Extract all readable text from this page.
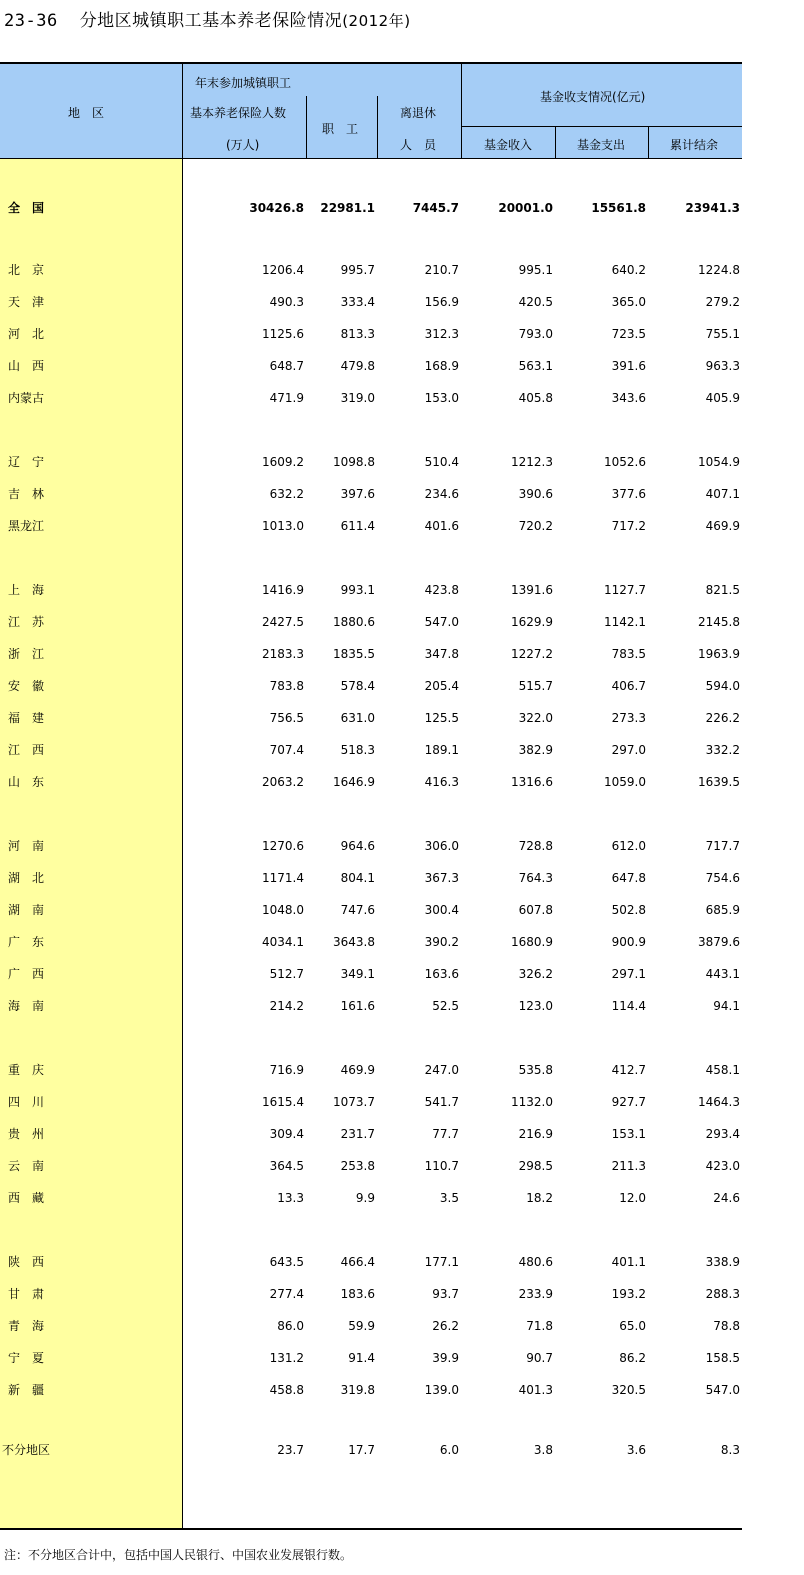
23-36 分地区城镇职工基本养老保险情况(2012年)
地　区
年末参加城镇职工
基本养老保险人数
(万人)
职　工
离退休
人　员
基金收支情况(亿元)
基金收入	基金支出	累计结余
全　国	30426.8 22981.1	7445.7	20001.0	15561.8	23941.3
北　京	1206.4	995.7	210.7	995.1	640.2	1224.8
天　津	490.3	333.4	156.9	420.5	365.0	279.2
河　北	1125.6	813.3	312.3	793.0	723.5	755.1
山　西	648.7	479.8	168.9	563.1	391.6	963.3
内蒙古	471.9	319.0	153.0	405.8	343.6	405.9
辽　宁	1609.2 1098.8	510.4	1212.3	1052.6	1054.9
吉　林	632.2	397.6	234.6	390.6	377.6	407.1
黑龙江	1013.0	611.4	401.6	720.2	717.2	469.9
上　海	1416.9	993.1	423.8	1391.6	1127.7	821.5
江　苏	2427.5 1880.6	547.0	1629.9	1142.1	2145.8
浙　江	2183.3 1835.5	347.8	1227.2	783.5	1963.9
安　徽	783.8	578.4	205.4	515.7	406.7	594.0
福　建	756.5	631.0	125.5	322.0	273.3	226.2
江　西	707.4	518.3	189.1	382.9	297.0	332.2
山　东	2063.2 1646.9	416.3	1316.6	1059.0	1639.5
河　南	1270.6	964.6	306.0	728.8	612.0	717.7
湖　北	1171.4	804.1	367.3	764.3	647.8	754.6
湖　南	1048.0	747.6	300.4	607.8	502.8	685.9
广　东	4034.1 3643.8	390.2	1680.9	900.9	3879.6
广　西	512.7	349.1	163.6	326.2	297.1	443.1
海　南	214.2	161.6	52.5	123.0	114.4	94.1
重　庆	716.9	469.9	247.0	535.8	412.7	458.1
四　川	1615.4 1073.7	541.7	1132.0	927.7	1464.3
贵　州	309.4	231.7	77.7	216.9	153.1	293.4
云　南	364.5	253.8	110.7	298.5	211.3	423.0
西　藏	13.3	9.9	3.5	18.2	12.0	24.6
陕　西	643.5	466.4	177.1	480.6	401.1	338.9
甘　肃	277.4	183.6	93.7	233.9	193.2	288.3
青　海	86.0	59.9	26.2	71.8	65.0	78.8
宁　夏	131.2	91.4	39.9	90.7	86.2	158.5
新　疆	458.8	319.8	139.0	401.3	320.5	547.0
不分地区	23.7	17.7	6.0	3.8	3.6	8.3
注：不分地区合计中，包括中国人民银行、中国农业发展银行数。
